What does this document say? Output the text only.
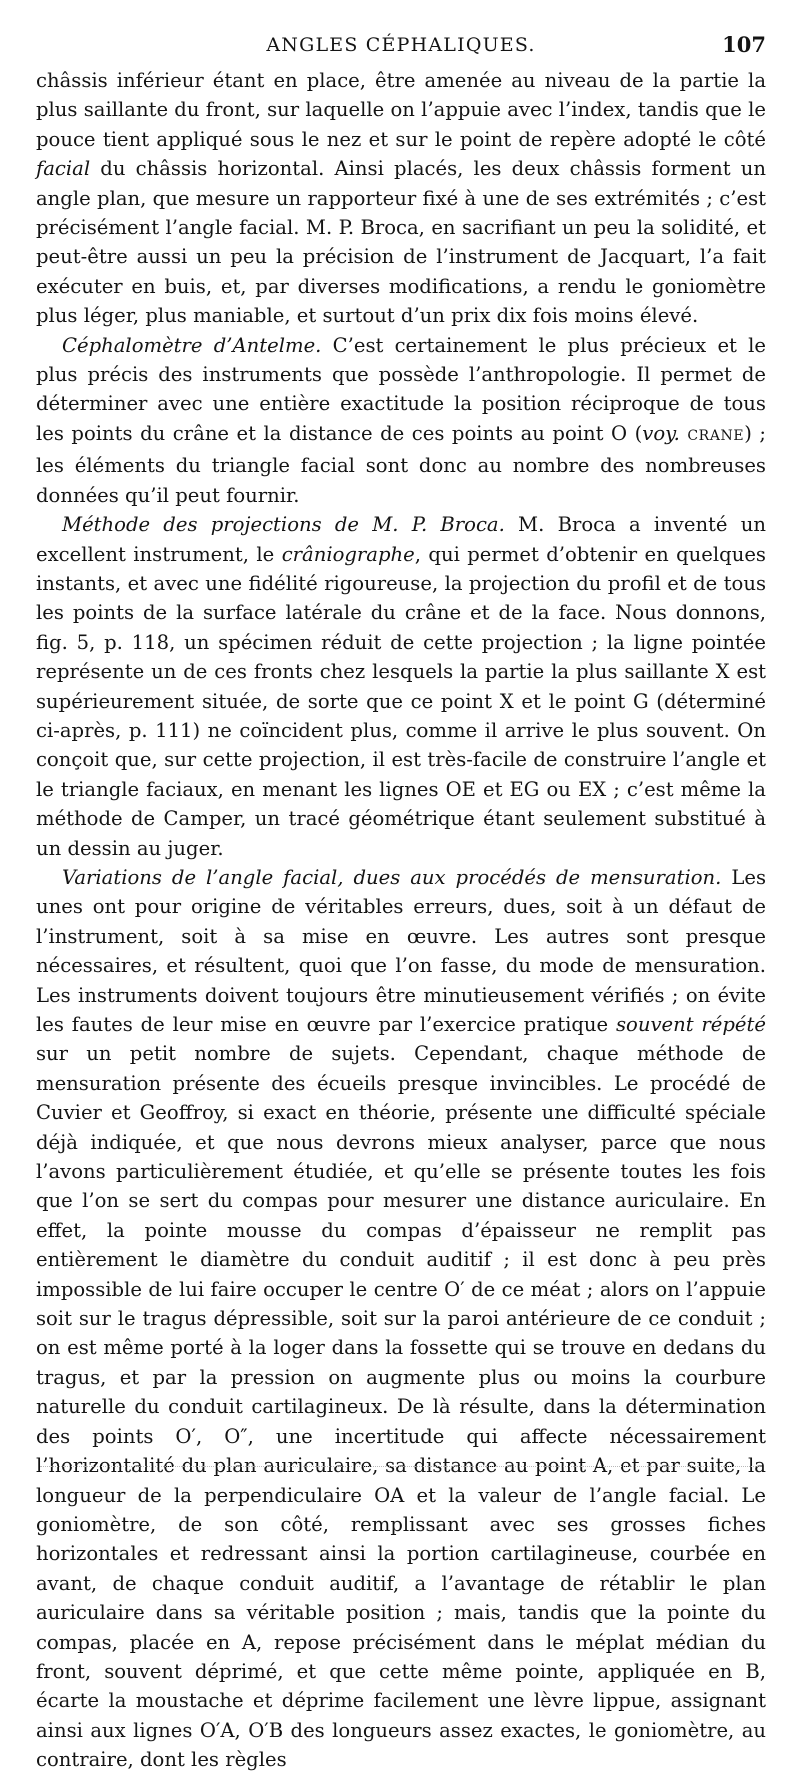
ANGLES CÉPHALIQUES.	107

châssis inférieur étant en place, être amenée au niveau de la partie la plus saillante du front, sur laquelle on l’appuie avec l’index, tandis que le pouce tient appliqué sous le nez et sur le point de repère adopté le côté facial du châssis horizontal. Ainsi placés, les deux châssis forment un angle plan, que mesure un rapporteur fixé à une de ses extrémités ; c’est précisément l’angle facial. M. P. Broca, en sacrifiant un peu la solidité, et peut-être aussi un peu la précision de l’instrument de Jacquart, l’a fait exécuter en buis, et, par diverses modifications, a rendu le goniomètre plus léger, plus maniable, et surtout d’un prix dix fois moins élevé.

Céphalomètre d’Antelme. C’est certainement le plus précieux et le plus précis des instruments que possède l’anthropologie. Il permet de déterminer avec une entière exactitude la position réciproque de tous les points du crâne et la distance de ces points au point O (voy. CRANE) ; les éléments du triangle facial sont donc au nombre des nombreuses données qu’il peut fournir.

Méthode des projections de M. P. Broca. M. Broca a inventé un excellent instrument, le crâniographe, qui permet d’obtenir en quelques instants, et avec une fidélité rigoureuse, la projection du profil et de tous les points de la surface latérale du crâne et de la face. Nous donnons, fig. 5, p. 118, un spécimen réduit de cette projection ; la ligne pointée représente un de ces fronts chez lesquels la partie la plus saillante X est supérieurement située, de sorte que ce point X et le point G (déterminé ci-après, p. 111) ne coïncident plus, comme il arrive le plus souvent. On conçoit que, sur cette projection, il est très-facile de construire l’angle et le triangle faciaux, en menant les lignes OE et EG ou EX ; c’est même la méthode de Camper, un tracé géométrique étant seulement substitué à un dessin au juger.

Variations de l’angle facial, dues aux procédés de mensuration. Les unes ont pour origine de véritables erreurs, dues, soit à un défaut de l’instrument, soit à sa mise en œuvre. Les autres sont presque nécessaires, et résultent, quoi que l’on fasse, du mode de mensuration. Les instruments doivent toujours être minutieusement vérifiés ; on évite les fautes de leur mise en œuvre par l’exercice pratique souvent répété sur un petit nombre de sujets. Cependant, chaque méthode de mensuration présente des écueils presque invincibles. Le procédé de Cuvier et Geoffroy, si exact en théorie, présente une difficulté spéciale déjà indiquée, et que nous devrons mieux analyser, parce que nous l’avons particulièrement étudiée, et qu’elle se présente toutes les fois que l’on se sert du compas pour mesurer une distance auriculaire. En effet, la pointe mousse du compas d’épaisseur ne remplit pas entièrement le diamètre du conduit auditif ; il est donc à peu près impossible de lui faire occuper le centre O′ de ce méat ; alors on l’appuie soit sur le tragus dépressible, soit sur la paroi antérieure de ce conduit ; on est même porté à la loger dans la fossette qui se trouve en dedans du tragus, et par la pression on augmente plus ou moins la courbure naturelle du conduit cartilagineux. De là résulte, dans la détermination des points O′, O″, une incertitude qui affecte nécessairement l’horizontalité du plan auriculaire, sa distance au point A, et par suite, la longueur de la perpendiculaire OA et la valeur de l’angle facial. Le goniomètre, de son côté, remplissant avec ses grosses fiches horizontales et redressant ainsi la portion cartilagineuse, courbée en avant, de chaque conduit auditif, a l’avantage de rétablir le plan auriculaire dans sa véritable position ; mais, tandis que la pointe du compas, placée en A, repose précisément dans le méplat médian du front, souvent déprimé, et que cette même pointe, appliquée en B, écarte la moustache et déprime facilement une lèvre lippue, assignant ainsi aux lignes O′A, O′B des longueurs assez exactes, le goniomètre, au contraire, dont les règles
